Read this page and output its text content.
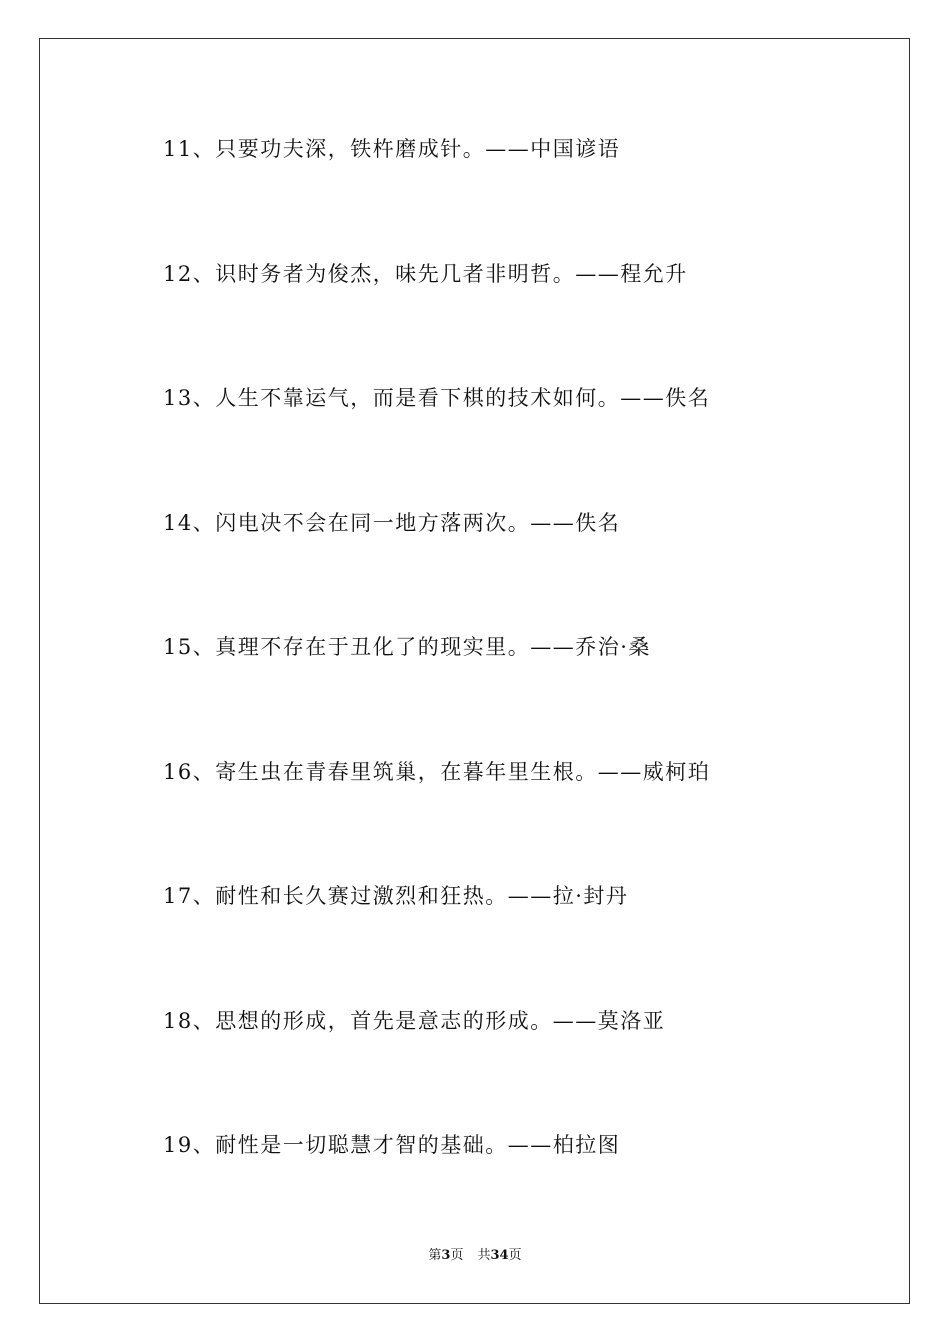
11、只要功夫深，铁杵磨成针。——中国谚语
12、识时务者为俊杰，味先几者非明哲。——程允升
13、人生不靠运气，而是看下棋的技术如何。——佚名
14、闪电决不会在同一地方落两次。——佚名
15、真理不存在于丑化了的现实里。——乔治·桑
16、寄生虫在青春里筑巢，在暮年里生根。——威柯珀
17、耐性和长久赛过激烈和狂热。——拉·封丹
18、思想的形成，首先是意志的形成。——莫洛亚
19、耐性是一切聪慧才智的基础。——柏拉图
第3页 共34页
